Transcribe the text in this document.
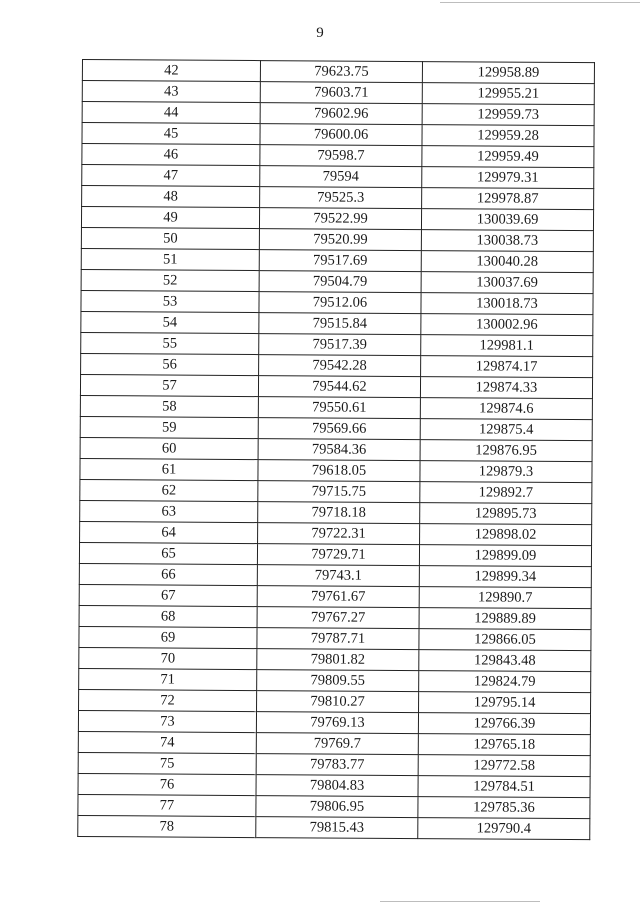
9
42	79623.75	129958.89
43	79603.71	129955.21
44	79602.96	129959.73
45	79600.06	129959.28
46	79598.7	129959.49
47	79594	129979.31
48	79525.3	129978.87
49	79522.99	130039.69
50	79520.99	130038.73
51	79517.69	130040.28
52	79504.79	130037.69
53	79512.06	130018.73
54	79515.84	130002.96
55	79517.39	129981.1
56	79542.28	129874.17
57	79544.62	129874.33
58	79550.61	129874.6
59	79569.66	129875.4
60	79584.36	129876.95
61	79618.05	129879.3
62	79715.75	129892.7
63	79718.18	129895.73
64	79722.31	129898.02
65	79729.71	129899.09
66	79743.1	129899.34
67	79761.67	129890.7
68	79767.27	129889.89
69	79787.71	129866.05
70	79801.82	129843.48
71	79809.55	129824.79
72	79810.27	129795.14
73	79769.13	129766.39
74	79769.7	129765.18
75	79783.77	129772.58
76	79804.83	129784.51
77	79806.95	129785.36
78	79815.43	129790.4
